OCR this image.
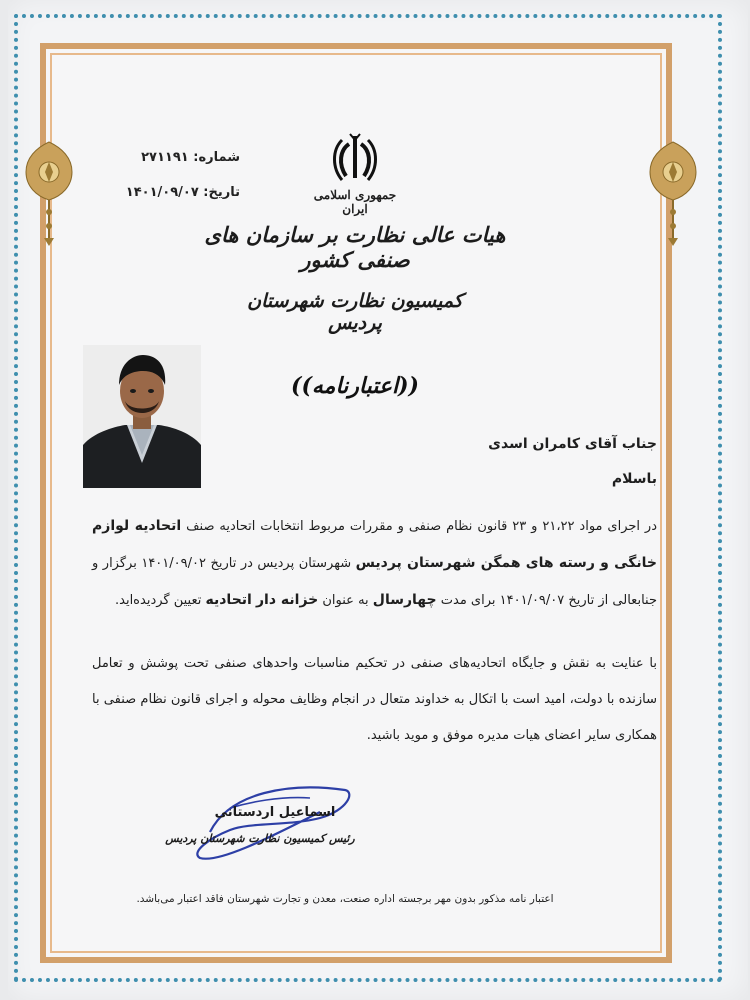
جمهوری اسلامی ایران
شماره: ۲۷۱۱۹۱
تاریخ: ۱۴۰۱/۰۹/۰۷
هیات عالی نظارت بر سازمان های صنفی کشور
کمیسیون نظارت شهرستان پردیس
((اعتبارنامه))
جناب آقای کامران اسدی
باسلام
در اجرای مواد ۲۱،۲۲ و ۲۳ قانون نظام صنفی و مقررات مربوط انتخابات اتحادیه صنف اتحادیه لوازم خانگی و رسته های همگن شهرستان پردیس شهرستان پردیس در تاریخ ۱۴۰۱/۰۹/۰۲ برگزار و جنابعالی از تاریخ ۱۴۰۱/۰۹/۰۷ برای مدت چهارسال به عنوان خزانه دار اتحادیه تعیین گردیده‌اید.
با عنایت به نقش و جایگاه اتحادیه‌های صنفی در تحکیم مناسبات واحدهای صنفی تحت پوشش و تعامل سازنده با دولت، امید است با اتکال به خداوند متعال در انجام وظایف محوله و اجرای قانون نظام صنفی با همکاری سایر اعضای هیات مدیره موفق و موید باشید.
اسماعیل اردستانی
رئیس کمیسیون نظارت شهرستان پردیس
اعتبار نامه مذکور بدون مهر برجسته اداره صنعت، معدن و تجارت شهرستان فاقد اعتبار می‌باشد.
